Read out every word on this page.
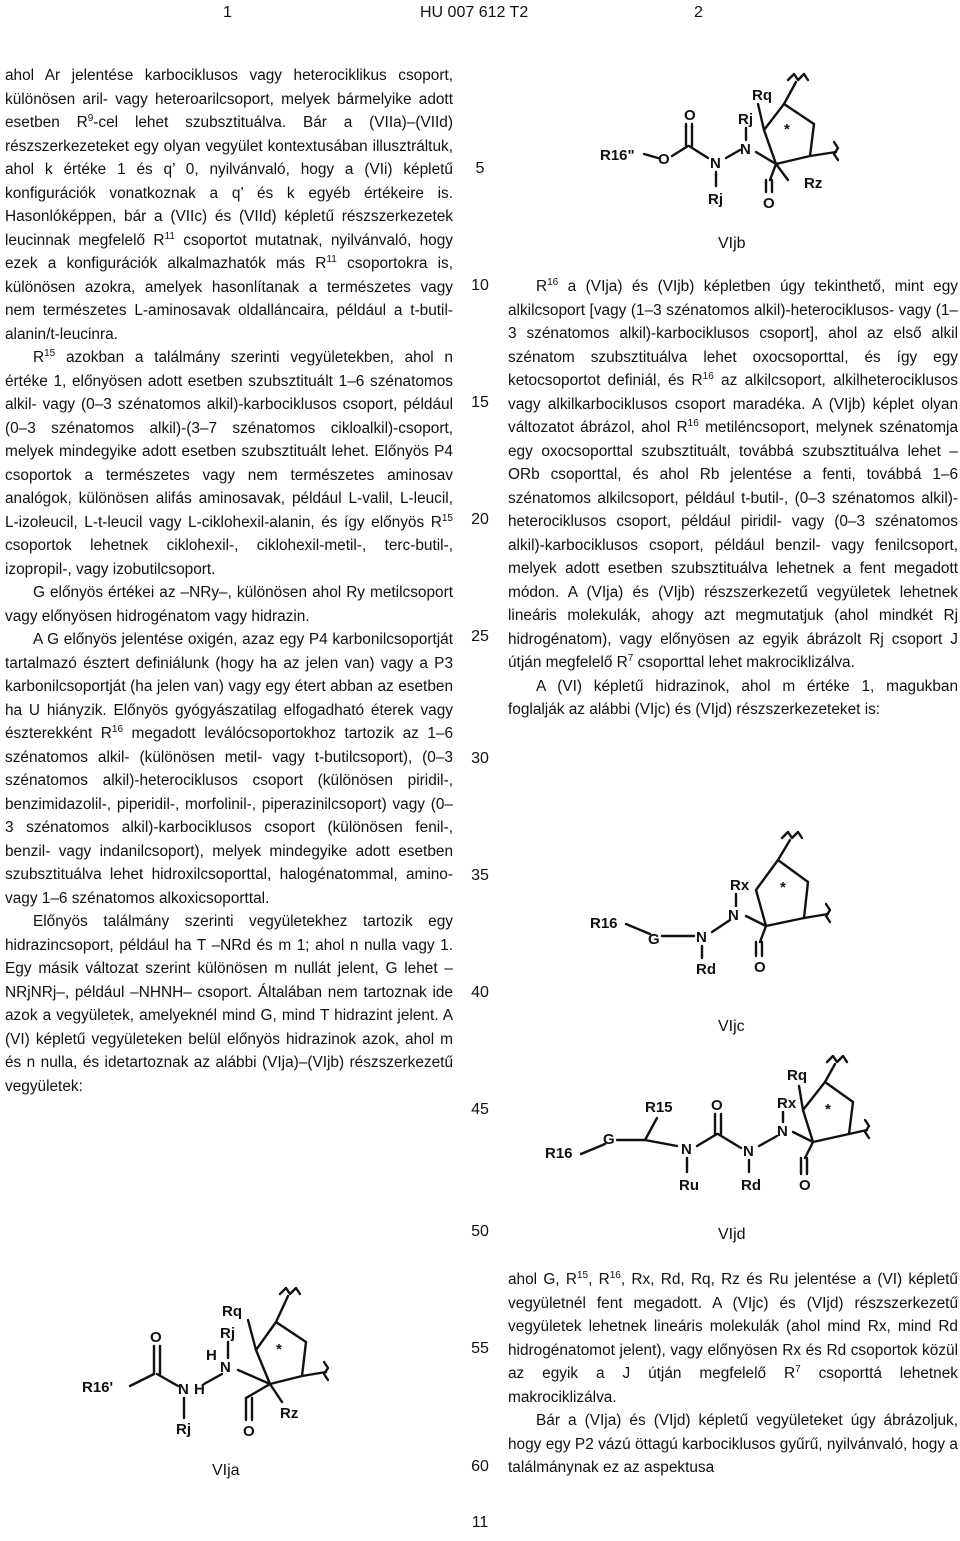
1	HU 007 612 T2	2

ahol Ar jelentése karbociklusos vagy heterociklikus csoport, különösen aril- vagy heteroarilcsoport, melyek bármelyike adott esetben $R^9$-cel lehet szubsztituálva. Bár a (VIIa)–(VIId) részszerkezeteket egy olyan vegyület kontextusában illusztráltuk, ahol k értéke 1 és q’ 0, nyilvánvaló, hogy a (VIi) képletű konfigurációk vonatkoznak a q’ és k egyéb értékeire is. Hasonlóképpen, bár a (VIIc) és (VIId) képletű részszerkezetek leucinnak megfelelő $R^{11}$ csoportot mutatnak, nyilvánvaló, hogy ezek a konfigurációk alkalmazhatók más $R^{11}$ csoportokra is, különösen azokra, amelyek hasonlítanak a természetes vagy nem természetes L-aminosavak oldalláncaira, például a t-butil-alanin/t-leucinra.

$R^{15}$ azokban a találmány szerinti vegyületekben, ahol n értéke 1, előnyösen adott esetben szubsztituált 1–6 szénatomos alkil- vagy (0–3 szénatomos alkil)-karbociklusos csoport, például (0–3 szénatomos alkil)-(3–7 szénatomos cikloalkil)-csoport, melyek mindegyike adott esetben szubsztituált lehet. Előnyös P4 csoportok a természetes vagy nem természetes aminosav analógok, különösen alifás aminosavak, például L-valil, L-leucil, L-izoleucil, L-t-leucil vagy L-ciklohexil-alanin, és így előnyös $R^{15}$ csoportok lehetnek ciklohexil-, ciklohexil-metil-, terc-butil-, izopropil-, vagy izobutilcsoport.

G előnyös értékei az –NRy–, különösen ahol Ry metilcsoport vagy előnyösen hidrogénatom vagy hidrazin.

A G előnyös jelentése oxigén, azaz egy P4 karbonilcsoportját tartalmazó észtert definiálunk (hogy ha az jelen van) vagy a P3 karbonilcsoportját (ha jelen van) vagy egy étert abban az esetben ha U hiányzik. Előnyös gyógyászatilag elfogadható éterek vagy észterekként $R^{16}$ megadott leválócsoportokhoz tartozik az 1–6 szénatomos alkil- (különösen metil- vagy t-butilcsoport), (0–3 szénatomos alkil)-heterociklusos csoport (különösen piridil-, benzimidazolil-, piperidil-, morfolinil-, piperazinilcsoport) vagy (0–3 szénatomos alkil)-karbociklusos csoport (különösen fenil-, benzil- vagy indanilcsoport), melyek mindegyike adott esetben szubsztituálva lehet hidroxilcsoporttal, halogénatommal, amino- vagy 1–6 szénatomos alkoxicsoporttal.

Előnyös találmány szerinti vegyületekhez tartozik egy hidrazincsoport, például ha T –NRd és m 1; ahol n nulla vagy 1. Egy másik változat szerint különösen m nullát jelent, G lehet –NRjNRj–, például –NHNH– csoport. Általában nem tartoznak ide azok a vegyületek, amelyeknél mind G, mind T hidrazint jelent. A (VI) képletű vegyületeken belül előnyös hidrazinok azok, ahol m és n nulla, és idetartoznak az alábbi (VIja)–(VIjb) részszerkezetű vegyületek:

5
10
15
20
25
30
35
40
45
50
55
60
R16'
O
N H
Rj
N
H
Rj
O
*
Rq
Rz
VIja
R16" O
O
N
Rj
N
Rj
O
*
Rq
Rz
VIjb

$R^{16}$ a (VIja) és (VIjb) képletben úgy tekinthető, mint egy alkilcsoport [vagy (1–3 szénatomos alkil)-heterociklusos- vagy (1–3 szénatomos alkil)-karbociklusos csoport], ahol az első alkil szénatom szubsztituálva lehet oxocsoporttal, és így egy ketocsoportot definiál, és $R^{16}$ az alkilcsoport, alkilheterociklusos vagy alkilkarbociklusos csoport maradéka. A (VIjb) képlet olyan változatot ábrázol, ahol $R^{16}$ metiléncsoport, melynek szénatomja egy oxocsoporttal szubsztituált, továbbá szubsztituálva lehet –ORb csoporttal, és ahol Rb jelentése a fenti, továbbá 1–6 szénatomos alkilcsoport, például t-butil-, (0–3 szénatomos alkil)-heterociklusos csoport, például piridil- vagy (0–3 szénatomos alkil)-karbociklusos csoport, például benzil- vagy fenilcsoport, melyek adott esetben szubsztituálva lehetnek a fent megadott módon. A (VIja) és (VIjb) részszerkezetű vegyületek lehetnek lineáris molekulák, ahogy azt megmutatjuk (ahol mindkét Rj hidrogénatom), vagy előnyösen az egyik ábrázolt Rj csoport J útján megfelelő $R^7$ csoporttal lehet makrociklizálva.

A (VI) képletű hidrazinok, ahol m értéke 1, magukban foglalják az alábbi (VIjc) és (VIjd) részszerkezeteket is:

R16
G N
Rd
N
Rx
O
*
VIjc
R16
G
R15
N
Ru
O
N
Rd
N
Rx
O
*
Rq
VIjd

ahol G, $R^{15}$, $R^{16}$, Rx, Rd, Rq, Rz és Ru jelentése a (VI) képletű vegyületnél fent megadott. A (VIjc) és (VIjd) részszerkezetű vegyületek lehetnek lineáris molekulák (ahol mind Rx, mind Rd hidrogénatomot jelent), vagy előnyösen Rx és Rd csoportok közül az egyik a J útján megfelelő $R^7$ csoporttá lehetnek makrociklizálva.

Bár a (VIja) és (VIjd) képletű vegyületeket úgy ábrázoljuk, hogy egy P2 vázú öttagú karbociklusos gyűrű, nyilvánvaló, hogy a találmánynak ez az aspektusa

11
